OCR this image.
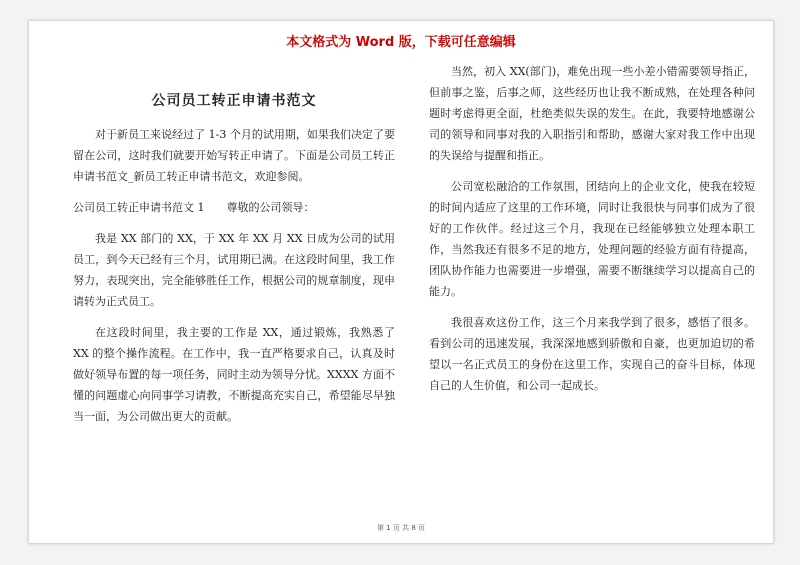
本文格式为 Word 版，下载可任意编辑
公司员工转正申请书范文

对于新员工来说经过了 1-3 个月的试用期，如果我们决定了要留在公司，这时我们就要开始写转正申请了。下面是公司员工转正申请书范文_新员工转正申请书范文，欢迎参阅。

公司员工转正申请书范文 1　　尊敬的公司领导：

我是 XX 部门的 XX，于 XX 年 XX 月 XX 日成为公司的试用员工，到今天已经有三个月，试用期已满。在这段时间里，我工作努力，表现突出，完全能够胜任工作，根据公司的规章制度，现申请转为正式员工。

在这段时间里，我主要的工作是 XX，通过锻炼，我熟悉了 XX 的整个操作流程。在工作中，我一直严格要求自己，认真及时做好领导布置的每一项任务，同时主动为领导分忧。XXXX 方面不懂的问题虚心向同事学习请教，不断提高充实自己，希望能尽早独当一面，为公司做出更大的贡献。

当然，初入 XX(部门)，难免出现一些小差小错需要领导指正，但前事之鉴，后事之师，这些经历也让我不断成熟，在处理各种问题时考虑得更全面，杜绝类似失误的发生。在此，我要特地感谢公司的领导和同事对我的入职指引和帮助，感谢大家对我工作中出现的失误给与提醒和指正。

公司宽松融洽的工作氛围，团结向上的企业文化，使我在较短的时间内适应了这里的工作环境，同时让我很快与同事们成为了很好的工作伙伴。经过这三个月，我现在已经能够独立处理本职工作，当然我还有很多不足的地方，处理问题的经验方面有待提高，团队协作能力也需要进一步增强，需要不断继续学习以提高自己的能力。

我很喜欢这份工作，这三个月来我学到了很多，感悟了很多。看到公司的迅速发展，我深深地感到骄傲和自豪，也更加迫切的希望以一名正式员工的身份在这里工作，实现自己的奋斗目标，体现自己的人生价值，和公司一起成长。

第 1 页 共 8 页
